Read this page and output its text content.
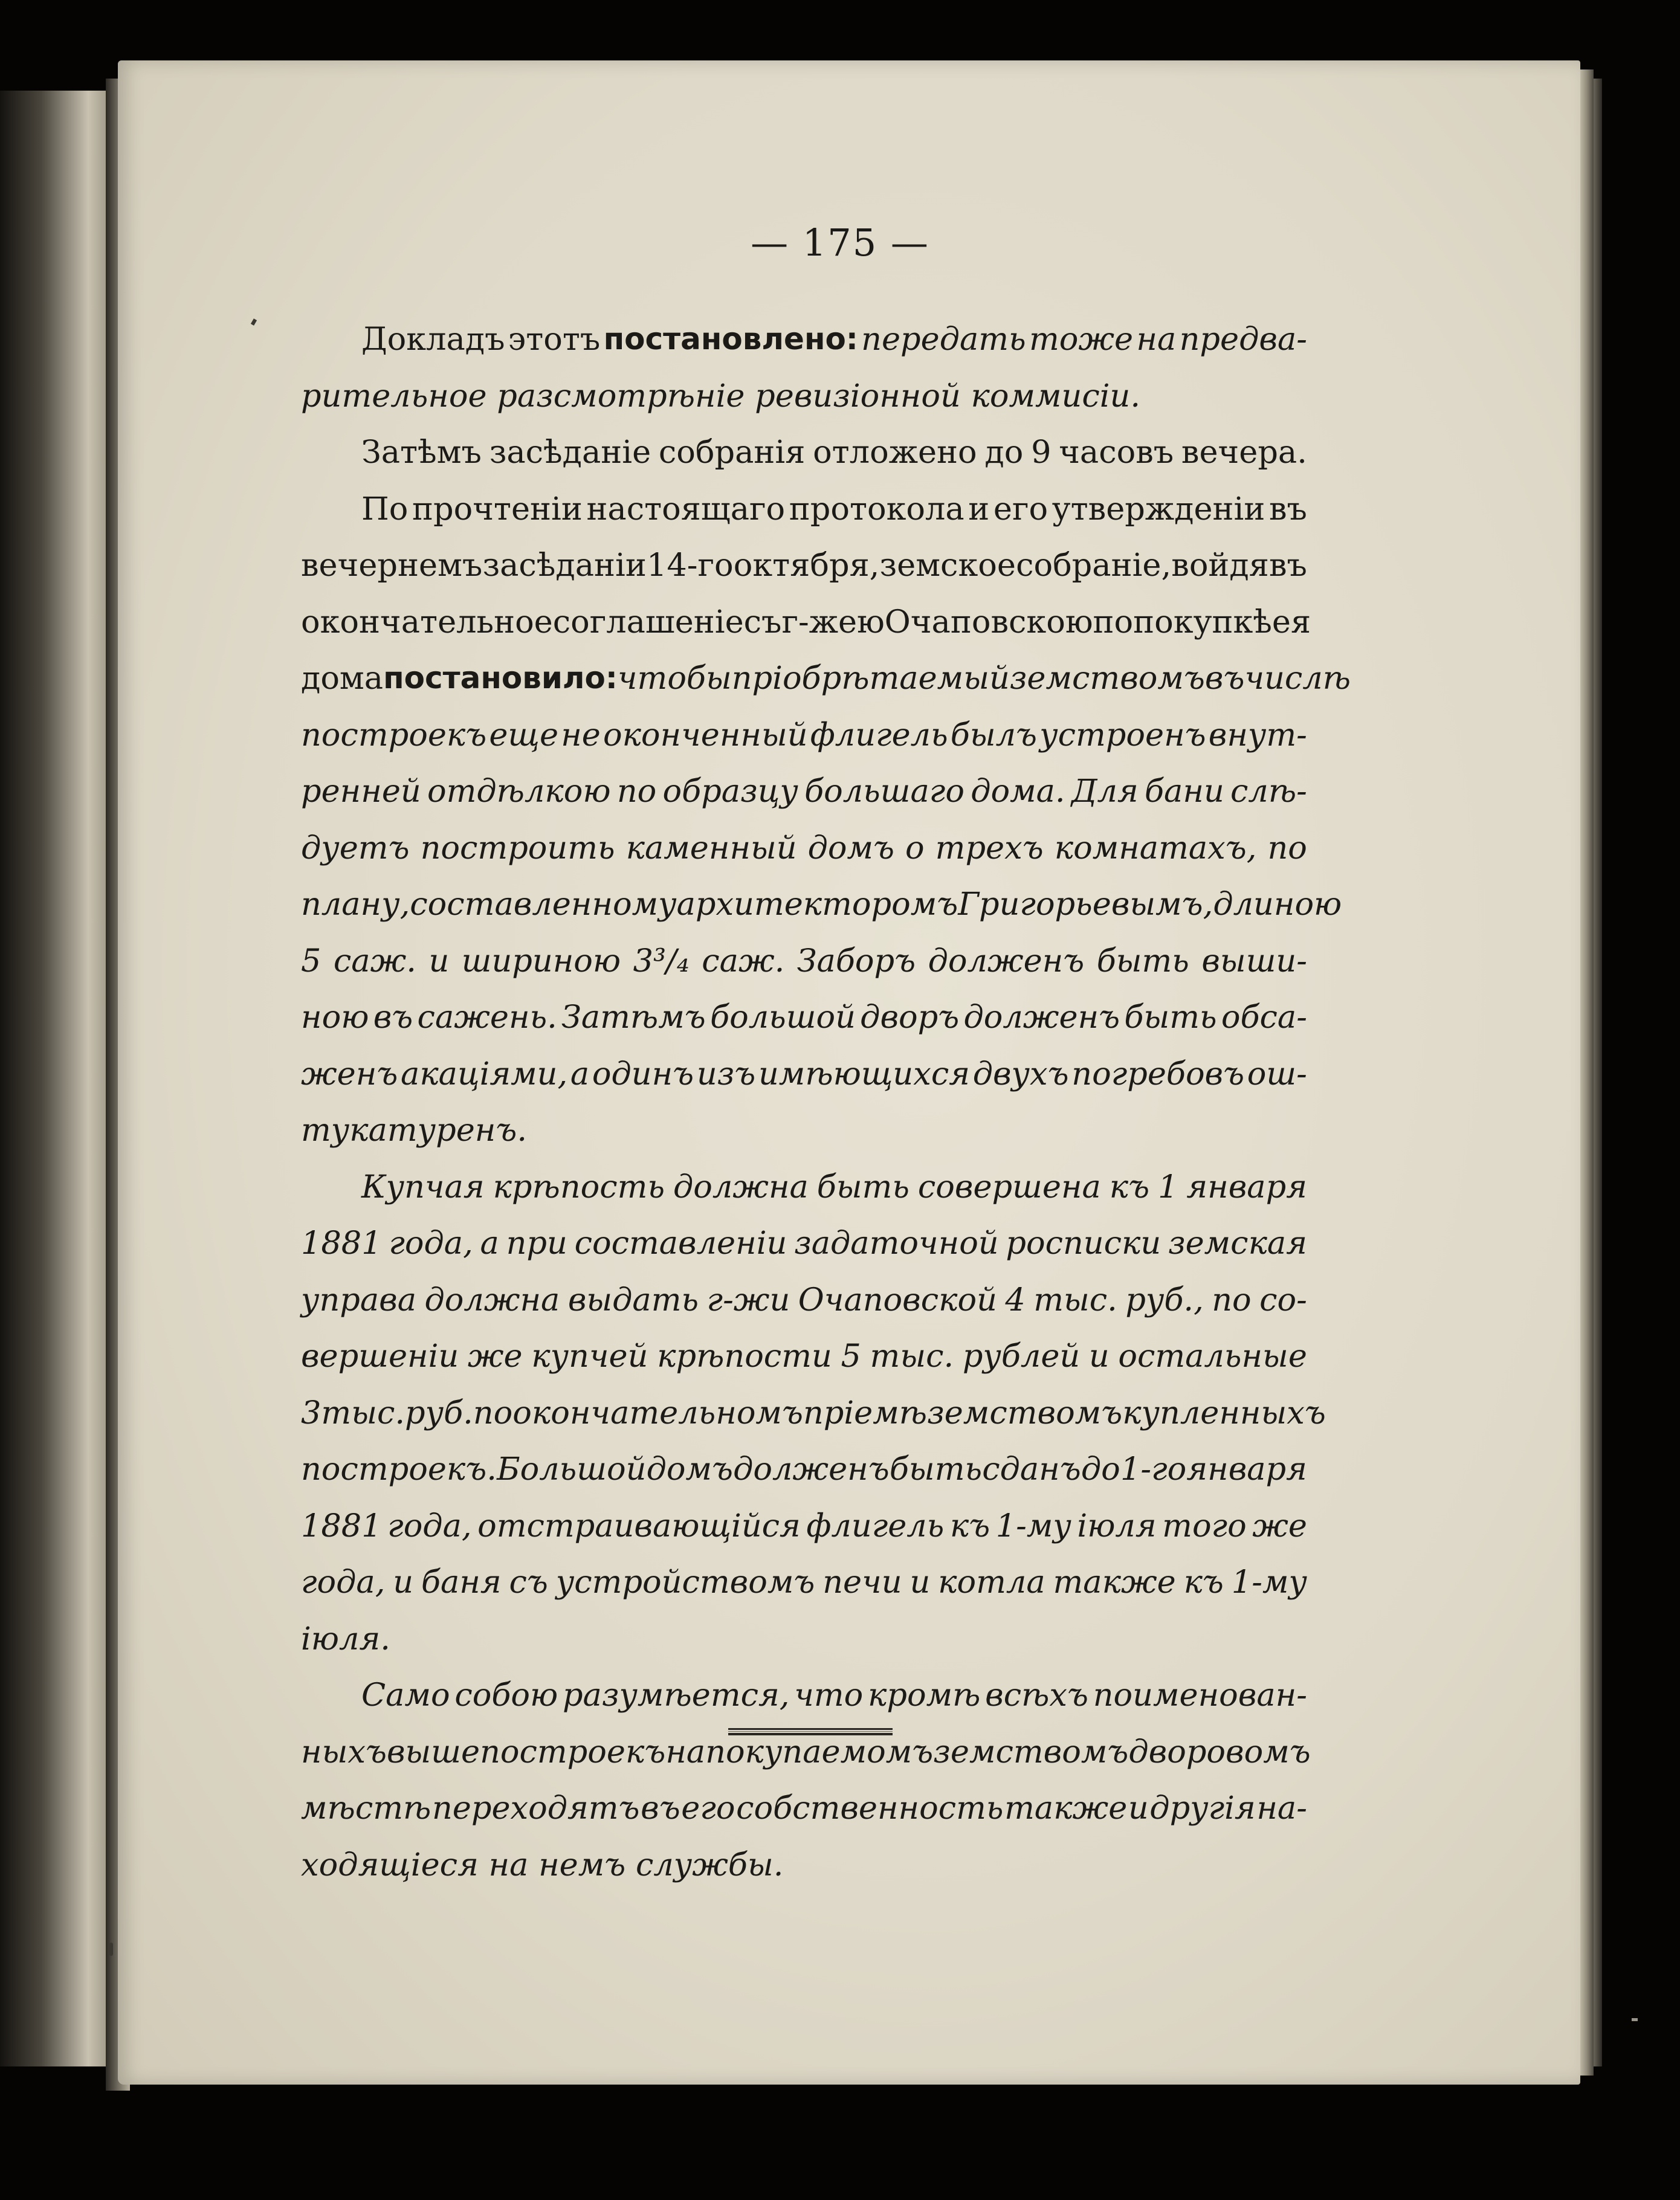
— 175 —
Докладъ этотъ постановлено: передать тоже на предва-
рительное разсмотрѣніе ревизіонной коммисіи.
Затѣмъ засѣданіе собранія отложено до 9 часовъ вечера.
По прочтеніи настоящаго протокола и его утвержденіи въ
вечернемъ засѣданіи 14-го октября, земское собраніе, войдя въ
окончательное соглашеніе съ г-жею Очаповскою по покупкѣ ея
дома постановило: чтобы пріобрѣтаемый земствомъ въ числѣ
построекъ еще не оконченный флигель былъ устроенъ внут-
ренней отдѣлкою по образцу большаго дома. Для бани слѣ-
дуетъ построить каменный домъ о трехъ комнатахъ, по
плану, составленному архитекторомъ Григорьевымъ, длиною
5 саж. и шириною 3³/₄ саж. Заборъ долженъ быть выши-
ною въ сажень. Затѣмъ большой дворъ долженъ быть обса-
женъ акаціями, а одинъ изъ имѣющихся двухъ погребовъ ош-
тукатуренъ.
Купчая крѣпость должна быть совершена къ 1 января
1881 года, а при составленіи задаточной росписки земская
управа должна выдать г-жи Очаповской 4 тыс. руб., по со-
вершеніи же купчей крѣпости 5 тыс. рублей и остальные
3 тыс. руб. по окончательномъ пріемѣ земствомъ купленныхъ
построекъ. Большой домъ долженъ быть сданъ до 1-го января
1881 года, отстраивающійся флигель къ 1-му іюля того же
года, и баня съ устройствомъ печи и котла также къ 1-му
іюля.
Само собою разумѣется, что кромѣ всѣхъ поименован-
ныхъ выше построекъ на покупаемомъ земствомъ дворовомъ
мѣстѣ переходятъ въ его собственность также и другія на-
ходящіеся на немъ службы.
